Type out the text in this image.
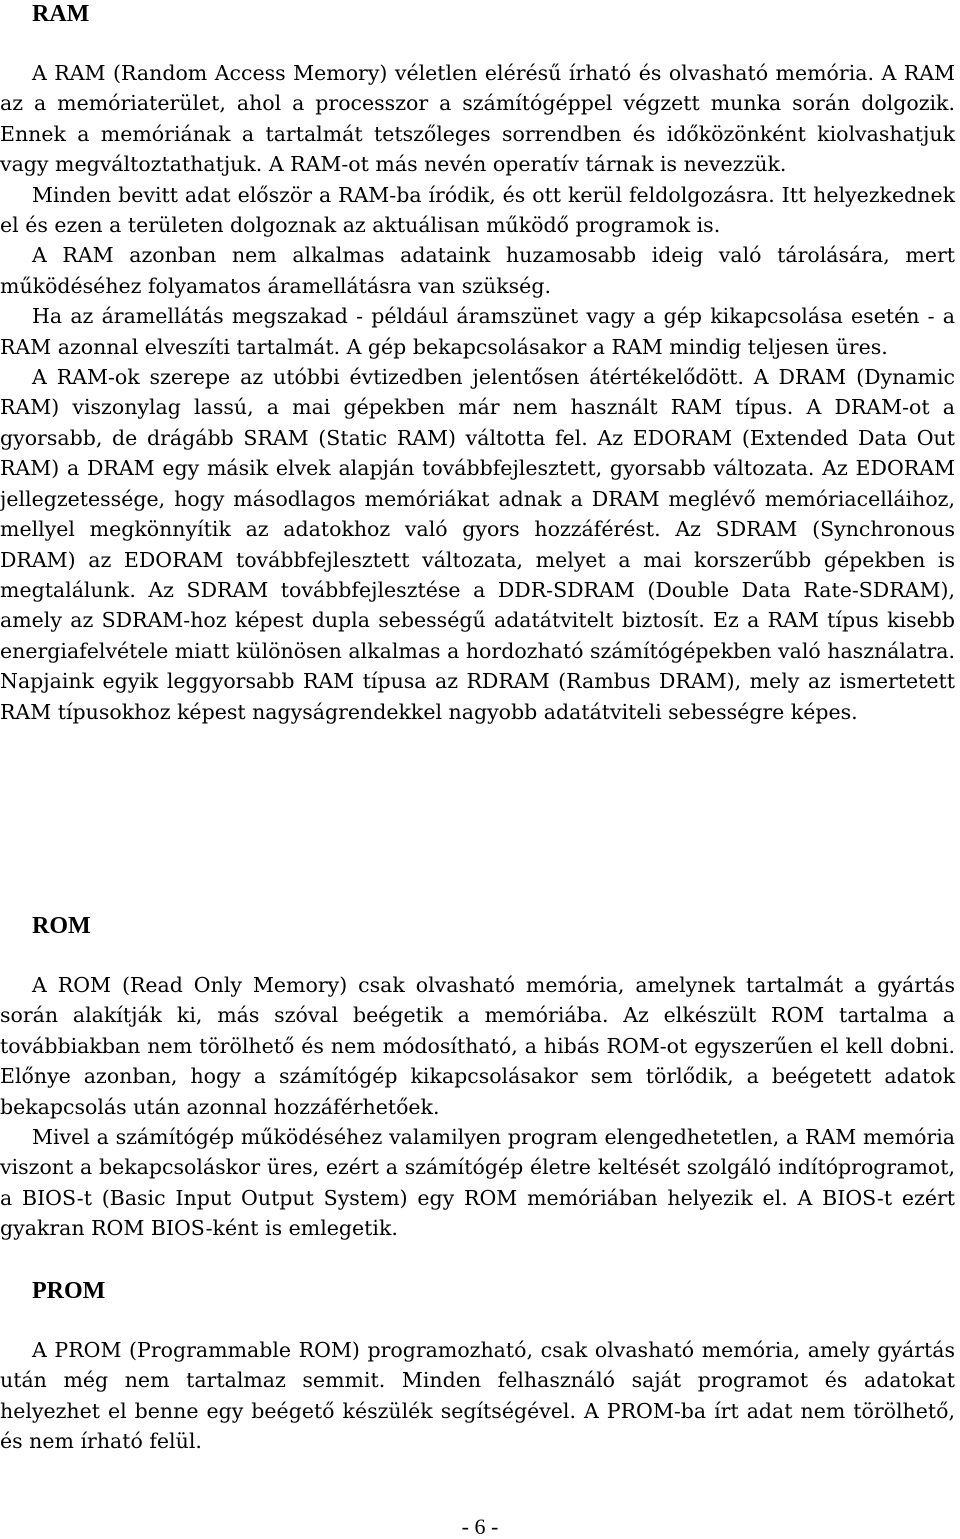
RAM

A RAM (Random Access Memory) véletlen elérésű írható és olvasható memória. A RAM az a memóriaterület, ahol a processzor a számítógéppel végzett munka során dolgozik. Ennek a memóriának a tartalmát tetszőleges sorrendben és időközönként kiolvashatjuk vagy megváltoztathatjuk. A RAM-ot más nevén operatív tárnak is nevezzük.

Minden bevitt adat először a RAM-ba íródik, és ott kerül feldolgozásra. Itt helyezkednek el és ezen a területen dolgoznak az aktuálisan működő programok is.

A RAM azonban nem alkalmas adataink huzamosabb ideig való tárolására, mert működéséhez folyamatos áramellátásra van szükség.

Ha az áramellátás megszakad - például áramszünet vagy a gép kikapcsolása esetén - a RAM azonnal elveszíti tartalmát. A gép bekapcsolásakor a RAM mindig teljesen üres.

A RAM-ok szerepe az utóbbi évtizedben jelentősen átértékelődött. A DRAM (Dynamic RAM) viszonylag lassú, a mai gépekben már nem használt RAM típus. A DRAM-ot a gyorsabb, de drágább SRAM (Static RAM) váltotta fel. Az EDORAM (Extended Data Out RAM) a DRAM egy másik elvek alapján továbbfejlesztett, gyorsabb változata. Az EDORAM jellegzetessége, hogy másodlagos memóriákat adnak a DRAM meglévő memóriacelláihoz, mellyel megkönnyítik az adatokhoz való gyors hozzáférést. Az SDRAM (Synchronous DRAM) az EDORAM továbbfejlesztett változata, melyet a mai korszerűbb gépekben is megtalálunk. Az SDRAM továbbfejlesztése a DDR-SDRAM (Double Data Rate-SDRAM), amely az SDRAM-hoz képest dupla sebességű adatátvitelt biztosít. Ez a RAM típus kisebb energiafelvétele miatt különösen alkalmas a hordozható számítógépekben való használatra. Napjaink egyik leggyorsabb RAM típusa az RDRAM (Rambus DRAM), mely az ismertetett RAM típusokhoz képest nagyságrendekkel nagyobb adatátviteli sebességre képes.

ROM

A ROM (Read Only Memory) csak olvasható memória, amelynek tartalmát a gyártás során alakítják ki, más szóval beégetik a memóriába. Az elkészült ROM tartalma a továbbiakban nem törölhető és nem módosítható, a hibás ROM-ot egyszerűen el kell dobni. Előnye azonban, hogy a számítógép kikapcsolásakor sem törlődik, a beégetett adatok bekapcsolás után azonnal hozzáférhetőek.

Mivel a számítógép működéséhez valamilyen program elengedhetetlen, a RAM memória viszont a bekapcsoláskor üres, ezért a számítógép életre keltését szolgáló indítóprogramot, a BIOS-t (Basic Input Output System) egy ROM memóriában helyezik el. A BIOS-t ezért gyakran ROM BIOS-ként is emlegetik.

PROM

A PROM (Programmable ROM) programozható, csak olvasható memória, amely gyártás után még nem tartalmaz semmit. Minden felhasználó saját programot és adatokat helyezhet el benne egy beégető készülék segítségével. A PROM-ba írt adat nem törölhető, és nem írható felül.

- 6 -
